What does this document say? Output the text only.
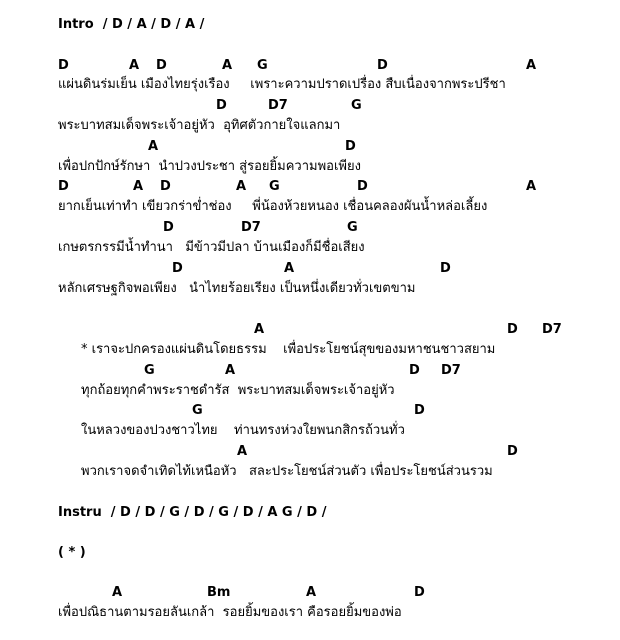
Intro  / D / A / D / A /
D	A D	A G	D	A
แผ่นดินร่มเย็น เมืองไทยรุ่งเรือง     เพราะความปราดเปรื่อง สืบเนื่องจากพระปรีชา
D	D7	G
พระบาทสมเด็จพระเจ้าอยู่หัว  อุทิศตัวกายใจแลกมา
A	D
เพื่อปกปักษ์รักษา  นำปวงประชา สู่รอยยิ้มความพอเพียง
D	A D	A G	D	A
ยากเย็นเท่าทำ เขียวกร่าข่ำช่อง     พี่น้องห้วยหนอง เชื่อนคลองผันน้ำหล่อเลี้ยง
D	D7	G
เกษตรกรรมีน้ำทำนา   มีข้าวมีปลา บ้านเมืองก็มีชื่อเสียง
D	A	D
หลักเศรษฐกิจพอเพียง   นำไทยร้อยเรียง เป็นหนึ่งเดียวทั่วเขตขาม
A	D D7
* เราจะปกครองแผ่นดินโดยธรรม    เพื่อประโยชน์สุขของมหาชนชาวสยาม
G	A	D D7
ทุกถ้อยทุกคำพระราชดำรัส  พระบาทสมเด็จพระเจ้าอยู่หัว
G	D
ในหลวงของปวงชาวไทย    ท่านทรงห่วงใยพนกสิกรถ้วนทั่ว
A	D
พวกเราจดจำเทิดไท้เหนือหัว   สละประโยชน์ส่วนตัว เพื่อประโยชน์ส่วนรวม
Instru  / D / D / G / D / G / D / A G / D /
( * )
A	Bm	A	D
เพื่อปณิธานตามรอยลันเกล้า  รอยยิ้มของเรา คือรอยยิ้มของพ่อ
